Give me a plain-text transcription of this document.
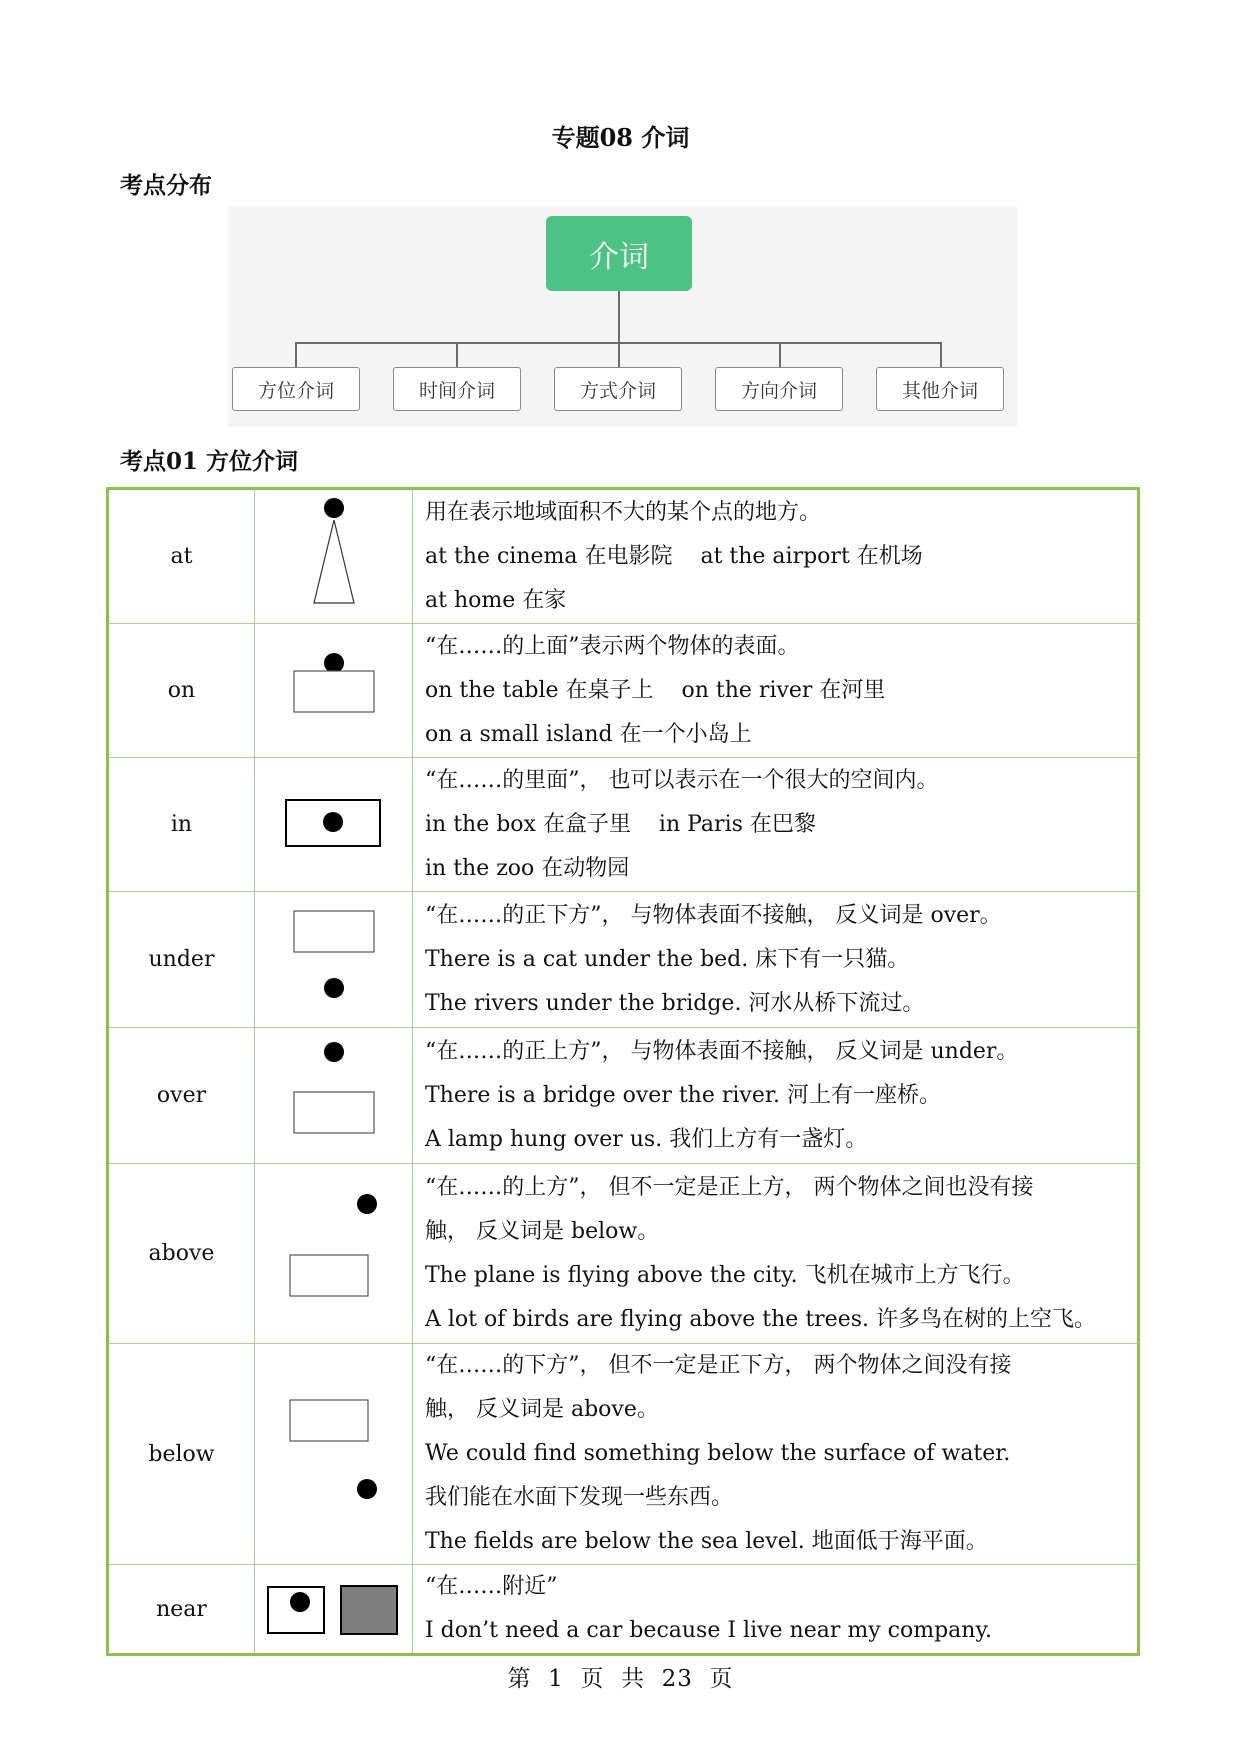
专题08 介词
考点分布
介词
方位介词	时间介词	方式介词	方向介词	其他介词
考点01 方位介词
at		用在表示地域面积不大的某个点的地方。
at the cinema 在电影院    at the airport 在机场
at home 在家

on		“在……的上面”表示两个物体的表面。
on the table 在桌子上    on the river 在河里
on a small island 在一个小岛上

in		“在……的里面”， 也可以表示在一个很大的空间内。
in the box 在盒子里    in Paris 在巴黎
in the zoo 在动物园

under		“在……的正下方”， 与物体表面不接触， 反义词是 over。
There is a cat under the bed. 床下有一只猫。
The rivers under the bridge. 河水从桥下流过。

over		“在……的正上方”， 与物体表面不接触， 反义词是 under。
There is a bridge over the river. 河上有一座桥。
A lamp hung over us. 我们上方有一盏灯。

above		“在……的上方”， 但不一定是正上方， 两个物体之间也没有接
触， 反义词是 below。
The plane is flying above the city. 飞机在城市上方飞行。
A lot of birds are flying above the trees. 许多鸟在树的上空飞。

below		“在……的下方”， 但不一定是正下方， 两个物体之间没有接
触， 反义词是 above。
We could find something below the surface of water.
我们能在水面下发现一些东西。
The fields are below the sea level. 地面低于海平面。

near		“在……附近”
I don’t need a car because I live near my company.
第  1  页  共  23  页
